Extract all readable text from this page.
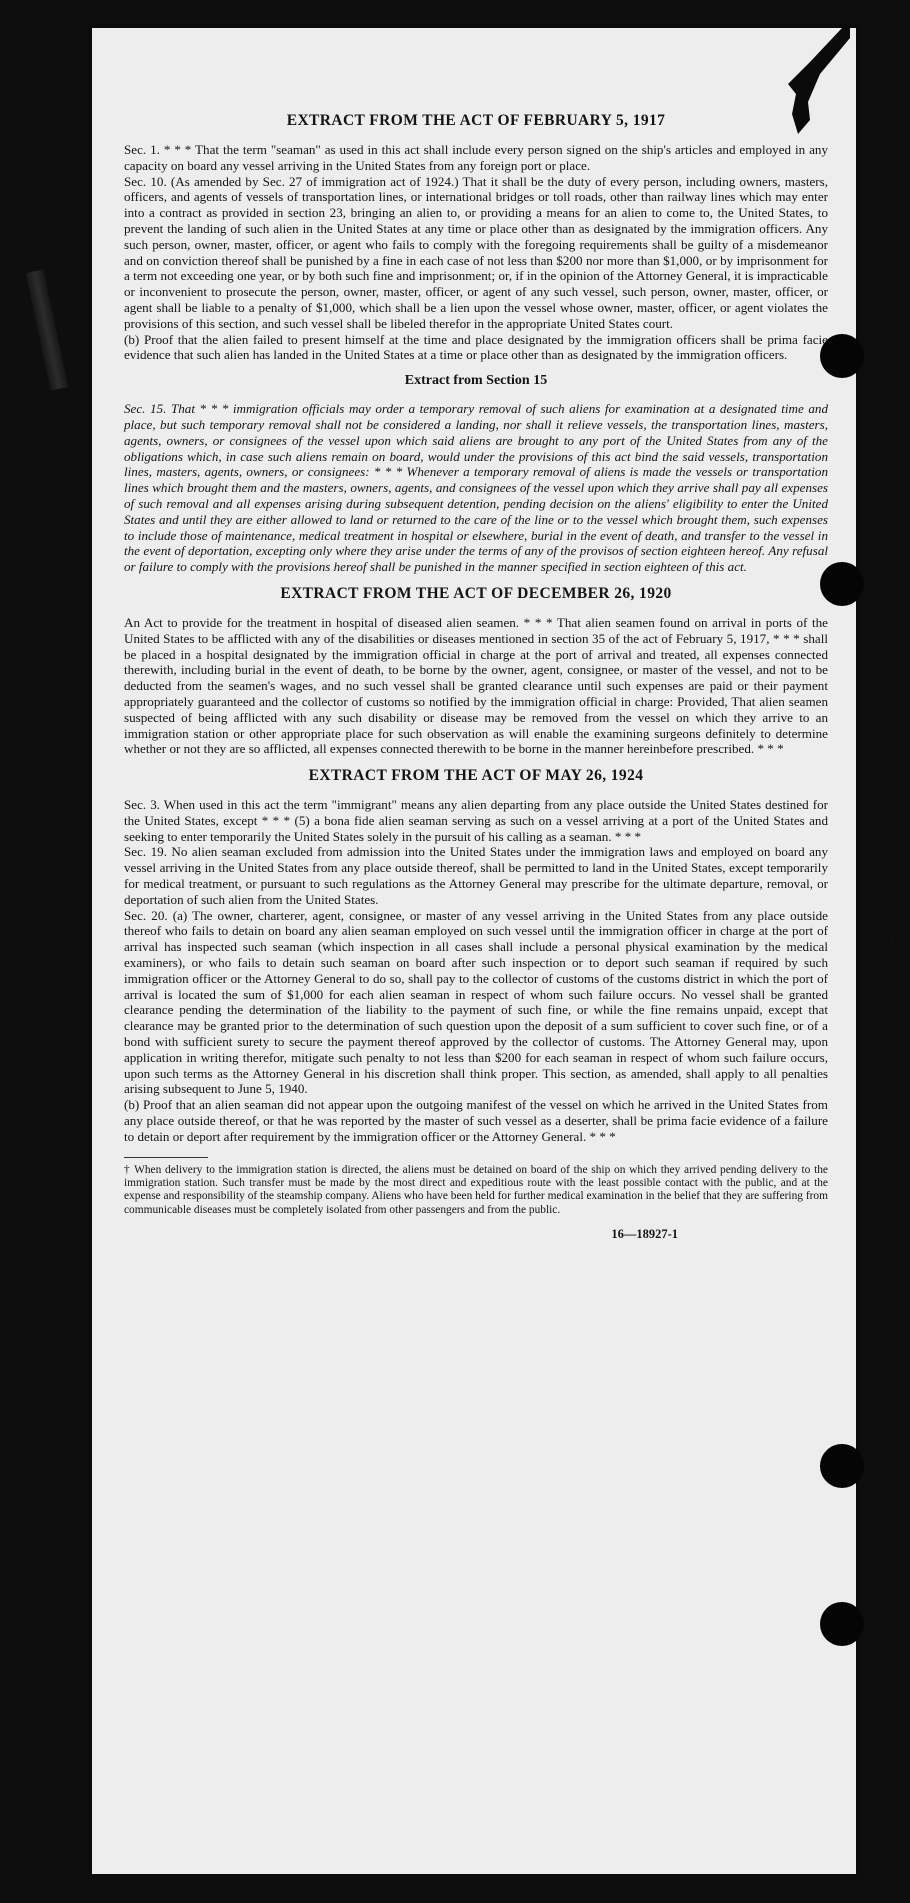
❜
•
EXTRACT FROM THE ACT OF FEBRUARY 5, 1917

Sec. 1. * * * That the term "seaman" as used in this act shall include every person signed on the ship's articles and employed in any capacity on board any vessel arriving in the United States from any foreign port or place.

Sec. 10. (As amended by Sec. 27 of immigration act of 1924.) That it shall be the duty of every person, including owners, masters, officers, and agents of vessels of transportation lines, or international bridges or toll roads, other than railway lines which may enter into a contract as provided in section 23, bringing an alien to, or providing a means for an alien to come to, the United States, to prevent the landing of such alien in the United States at any time or place other than as designated by the immigration officers. Any such person, owner, master, officer, or agent who fails to comply with the foregoing requirements shall be guilty of a misdemeanor and on conviction thereof shall be punished by a fine in each case of not less than $200 nor more than $1,000, or by imprisonment for a term not exceeding one year, or by both such fine and imprisonment; or, if in the opinion of the Attorney General, it is impracticable or inconvenient to prosecute the person, owner, master, officer, or agent of any such vessel, such person, owner, master, officer, or agent shall be liable to a penalty of $1,000, which shall be a lien upon the vessel whose owner, master, officer, or agent violates the provisions of this section, and such vessel shall be libeled therefor in the appropriate United States court.

(b) Proof that the alien failed to present himself at the time and place designated by the immigration officers shall be prima facie evidence that such alien has landed in the United States at a time or place other than as designated by the immigration officers.

Extract from Section 15

Sec. 15. That * * * immigration officials may order a temporary removal of such aliens for examination at a designated time and place, but such temporary removal shall not be considered a landing, nor shall it relieve vessels, the transportation lines, masters, agents, owners, or consignees of the vessel upon which said aliens are brought to any port of the United States from any of the obligations which, in case such aliens remain on board, would under the provisions of this act bind the said vessels, transportation lines, masters, agents, owners, or consignees: * * * Whenever a temporary removal of aliens is made the vessels or transportation lines which brought them and the masters, owners, agents, and consignees of the vessel upon which they arrive shall pay all expenses of such removal and all expenses arising during subsequent detention, pending decision on the aliens' eligibility to enter the United States and until they are either allowed to land or returned to the care of the line or to the vessel which brought them, such expenses to include those of maintenance, medical treatment in hospital or elsewhere, burial in the event of death, and transfer to the vessel in the event of deportation, excepting only where they arise under the terms of any of the provisos of section eighteen hereof. Any refusal or failure to comply with the provisions hereof shall be punished in the manner specified in section eighteen of this act.

EXTRACT FROM THE ACT OF DECEMBER 26, 1920

An Act to provide for the treatment in hospital of diseased alien seamen. * * * That alien seamen found on arrival in ports of the United States to be afflicted with any of the disabilities or diseases mentioned in section 35 of the act of February 5, 1917, * * * shall be placed in a hospital designated by the immigration official in charge at the port of arrival and treated, all expenses connected therewith, including burial in the event of death, to be borne by the owner, agent, consignee, or master of the vessel, and not to be deducted from the seamen's wages, and no such vessel shall be granted clearance until such expenses are paid or their payment appropriately guaranteed and the collector of customs so notified by the immigration official in charge: Provided, That alien seamen suspected of being afflicted with any such disability or disease may be removed from the vessel on which they arrive to an immigration station or other appropriate place for such observation as will enable the examining surgeons definitely to determine whether or not they are so afflicted, all expenses connected therewith to be borne in the manner hereinbefore prescribed. * * *

EXTRACT FROM THE ACT OF MAY 26, 1924

Sec. 3. When used in this act the term "immigrant" means any alien departing from any place outside the United States destined for the United States, except * * * (5) a bona fide alien seaman serving as such on a vessel arriving at a port of the United States and seeking to enter temporarily the United States solely in the pursuit of his calling as a seaman. * * *

Sec. 19. No alien seaman excluded from admission into the United States under the immigration laws and employed on board any vessel arriving in the United States from any place outside thereof, shall be permitted to land in the United States, except temporarily for medical treatment, or pursuant to such regulations as the Attorney General may prescribe for the ultimate departure, removal, or deportation of such alien from the United States.

Sec. 20. (a) The owner, charterer, agent, consignee, or master of any vessel arriving in the United States from any place outside thereof who fails to detain on board any alien seaman employed on such vessel until the immigration officer in charge at the port of arrival has inspected such seaman (which inspection in all cases shall include a personal physical examination by the medical examiners), or who fails to detain such seaman on board after such inspection or to deport such seaman if required by such immigration officer or the Attorney General to do so, shall pay to the collector of customs of the customs district in which the port of arrival is located the sum of $1,000 for each alien seaman in respect of whom such failure occurs. No vessel shall be granted clearance pending the determination of the liability to the payment of such fine, or while the fine remains unpaid, except that clearance may be granted prior to the determination of such question upon the deposit of a sum sufficient to cover such fine, or of a bond with sufficient surety to secure the payment thereof approved by the collector of customs. The Attorney General may, upon application in writing therefor, mitigate such penalty to not less than $200 for each seaman in respect of whom such failure occurs, upon such terms as the Attorney General in his discretion shall think proper. This section, as amended, shall apply to all penalties arising subsequent to June 5, 1940.

(b) Proof that an alien seaman did not appear upon the outgoing manifest of the vessel on which he arrived in the United States from any place outside thereof, or that he was reported by the master of such vessel as a deserter, shall be prima facie evidence of a failure to detain or deport after requirement by the immigration officer or the Attorney General. * * *

† When delivery to the immigration station is directed, the aliens must be detained on board of the ship on which they arrived pending delivery to the immigration station. Such transfer must be made by the most direct and expeditious route with the least possible contact with the public, and at the expense and responsibility of the steamship company. Aliens who have been held for further medical examination in the belief that they are suffering from communicable diseases must be completely isolated from other passengers and from the public.

16—18927-1
